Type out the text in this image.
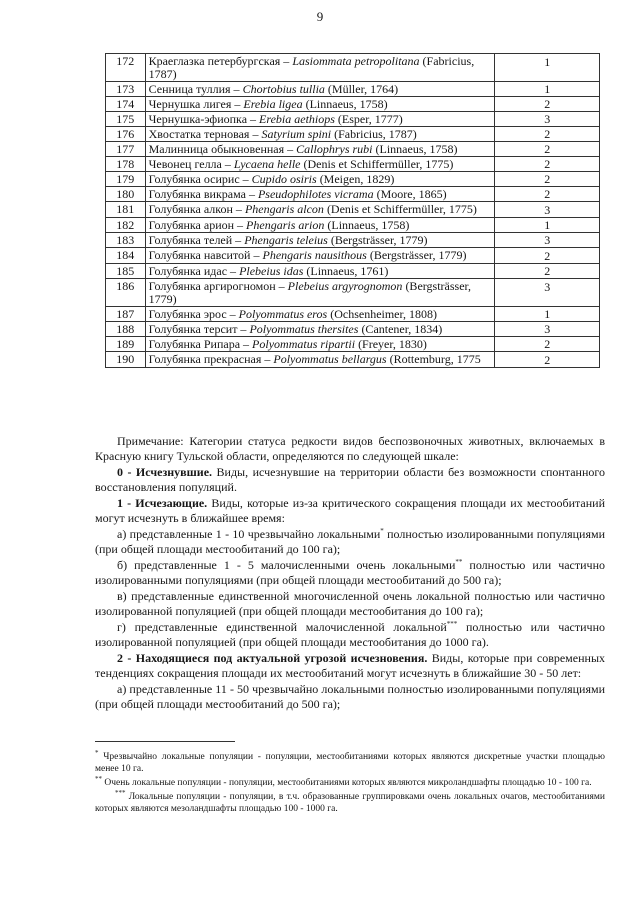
9
172	Краеглазка петербургская – Lasiommata petropolitana (Fabricius, 1787)	1
173	Сенница туллия – Chortobius tullia (Müller, 1764)	1
174	Чернушка лигея – Erebia ligea (Linnaeus, 1758)	2
175	Чернушка-эфиопка – Erebia aethiops (Esper, 1777)	3
176	Хвостатка терновая – Satyrium spini (Fabricius, 1787)	2
177	Малинница обыкновенная – Callophrys rubi (Linnaeus, 1758)	2
178	Чевонец гелла – Lycaena helle (Denis et Schiffermüller, 1775)	2
179	Голубянка осирис – Cupido osiris (Meigen, 1829)	2
180	Голубянка викрама – Pseudophilotes vicrama (Moore, 1865)	2
181	Голубянка алкон – Phengaris alcon (Denis et Schiffermüller, 1775)	3
182	Голубянка арион – Phengaris arion (Linnaeus, 1758)	1
183	Голубянка телей – Phengaris teleius (Bergsträsser, 1779)	3
184	Голубянка навситой – Phengaris nausithous (Bergsträsser, 1779)	2
185	Голубянка идас – Plebeius idas (Linnaeus, 1761)	2
186	Голубянка аргирогномон – Plebeius argyrognomon (Bergsträsser, 1779)	3
187	Голубянка эрос – Polyommatus eros (Ochsenheimer, 1808)	1
188	Голубянка терсит – Polyommatus thersites (Cantener, 1834)	3
189	Голубянка Рипара – Polyommatus ripartii (Freyer, 1830)	2
190	Голубянка прекрасная – Polyommatus bellargus (Rottemburg, 1775	2

Примечание: Категории статуса редкости видов беспозвоночных животных, включаемых в Красную книгу Тульской области, определяются по следующей шкале:

0 - Исчезнувшие. Виды, исчезнувшие на территории области без возможности спонтанного восстановления популяций.

1 - Исчезающие. Виды, которые из-за критического сокращения площади их местообитаний могут исчезнуть в ближайшее время:

а) представленные 1 - 10 чрезвычайно локальными* полностью изолированными популяциями (при общей площади местообитаний до 100 га);

б) представленные 1 - 5 малочисленными очень локальными** полностью или частично изолированными популяциями (при общей площади местообитаний до 500 га);

в) представленные единственной многочисленной очень локальной полностью или частично изолированной популяцией (при общей площади местообитания до 100 га);

г) представленные единственной малочисленной локальной*** полностью или частично изолированной популяцией (при общей площади местообитания до 1000 га).

2 - Находящиеся под актуальной угрозой исчезновения. Виды, которые при современных тенденциях сокращения площади их местообитаний могут исчезнуть в ближайшие 30 - 50 лет:

а) представленные 11 - 50 чрезвычайно локальными полностью изолированными популяциями (при общей площади местообитаний до 500 га);

* Чрезвычайно локальные популяции - популяции, местообитаниями которых являются дискретные участки площадью менее 10 га.

** Очень локальные популяции - популяции, местообитаниями которых являются микроландшафты площадью 10 - 100 га.

*** Локальные популяции - популяции, в т.ч. образованные группировками очень локальных очагов, местообитаниями которых являются мезоландшафты площадью 100 - 1000 га.
